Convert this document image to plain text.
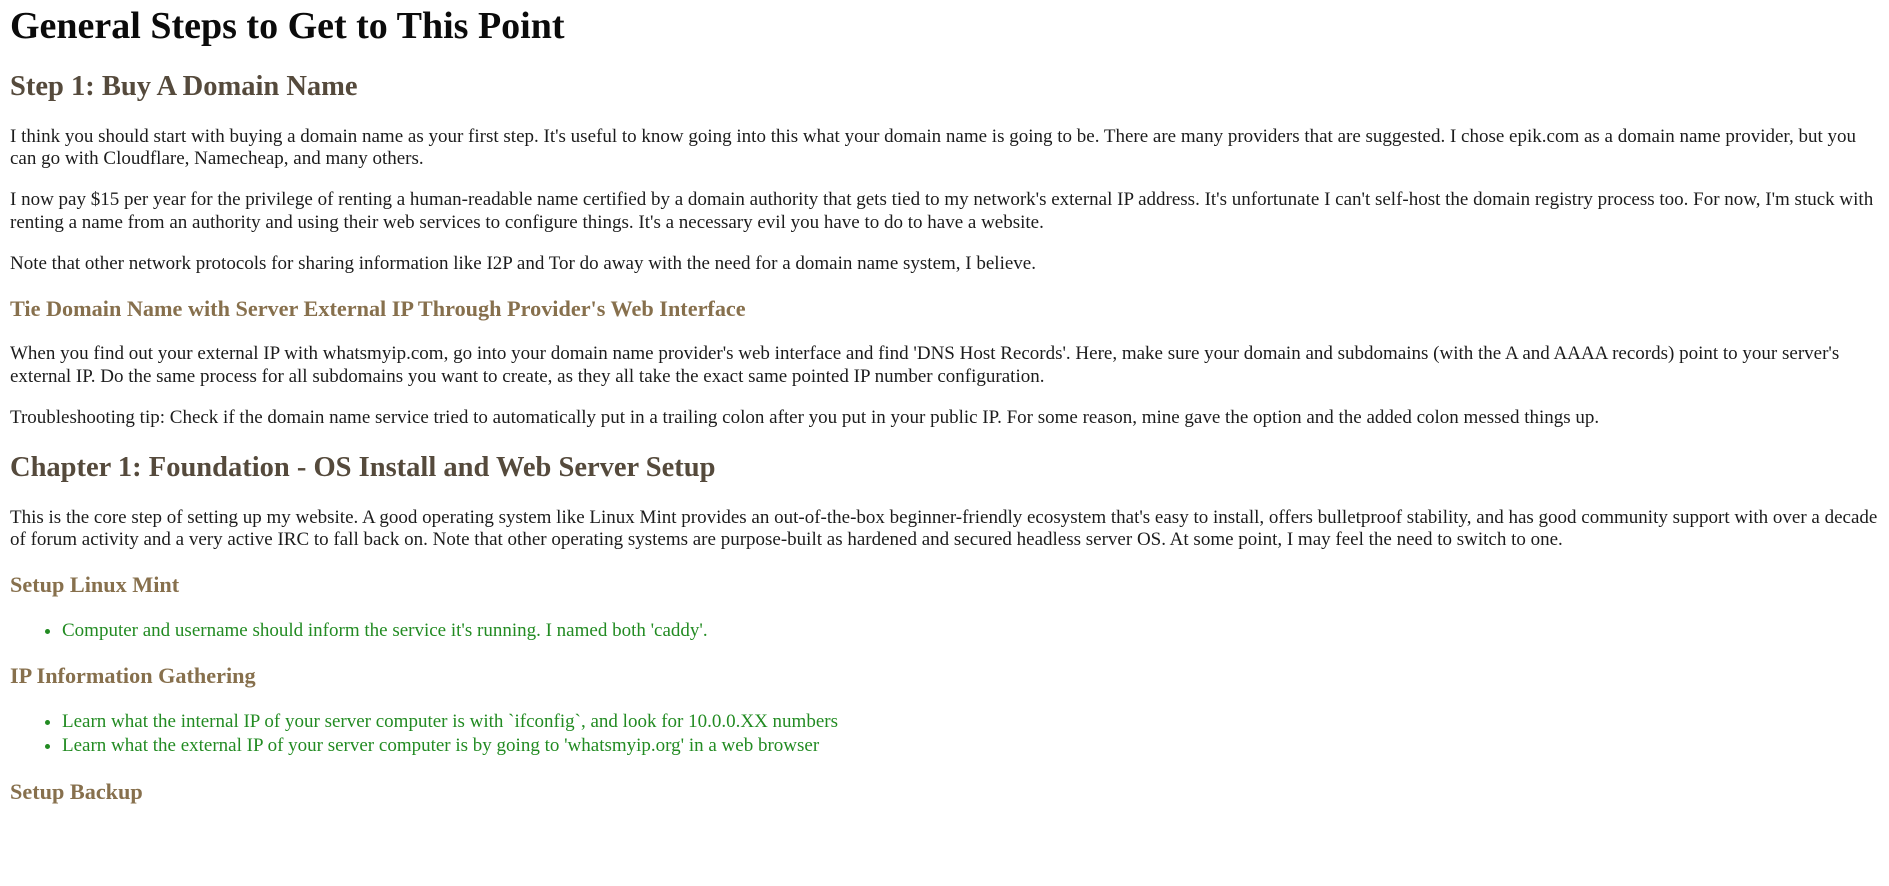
General Steps to Get to This Point
Step 1: Buy A Domain Name

I think you should start with buying a domain name as your first step. It's useful to know going into this what your domain name is going to be. There are many providers that are suggested. I chose epik.com as a domain name provider, but you can go with Cloudflare, Namecheap, and many others.

I now pay $15 per year for the privilege of renting a human-readable name certified by a domain authority that gets tied to my network's external IP address. It's unfortunate I can't self-host the domain registry process too. For now, I'm stuck with renting a name from an authority and using their web services to configure things. It's a necessary evil you have to do to have a website.

Note that other network protocols for sharing information like I2P and Tor do away with the need for a domain name system, I believe.

Tie Domain Name with Server External IP Through Provider's Web Interface

When you find out your external IP with whatsmyip.com, go into your domain name provider's web interface and find 'DNS Host Records'. Here, make sure your domain and subdomains (with the A and AAAA records) point to your server's external IP. Do the same process for all subdomains you want to create, as they all take the exact same pointed IP number configuration.

Troubleshooting tip: Check if the domain name service tried to automatically put in a trailing colon after you put in your public IP. For some reason, mine gave the option and the added colon messed things up.

Chapter 1: Foundation - OS Install and Web Server Setup

This is the core step of setting up my website. A good operating system like Linux Mint provides an out-of-the-box beginner-friendly ecosystem that's easy to install, offers bulletproof stability, and has good community support with over a decade of forum activity and a very active IRC to fall back on. Note that other operating systems are purpose-built as hardened and secured headless server OS. At some point, I may feel the need to switch to one.

Setup Linux Mint
• Computer and username should inform the service it's running. I named both 'caddy'.
IP Information Gathering
• Learn what the internal IP of your server computer is with `ifconfig`, and look for 10.0.0.XX numbers
• Learn what the external IP of your server computer is by going to 'whatsmyip.org' in a web browser
Setup Backup
